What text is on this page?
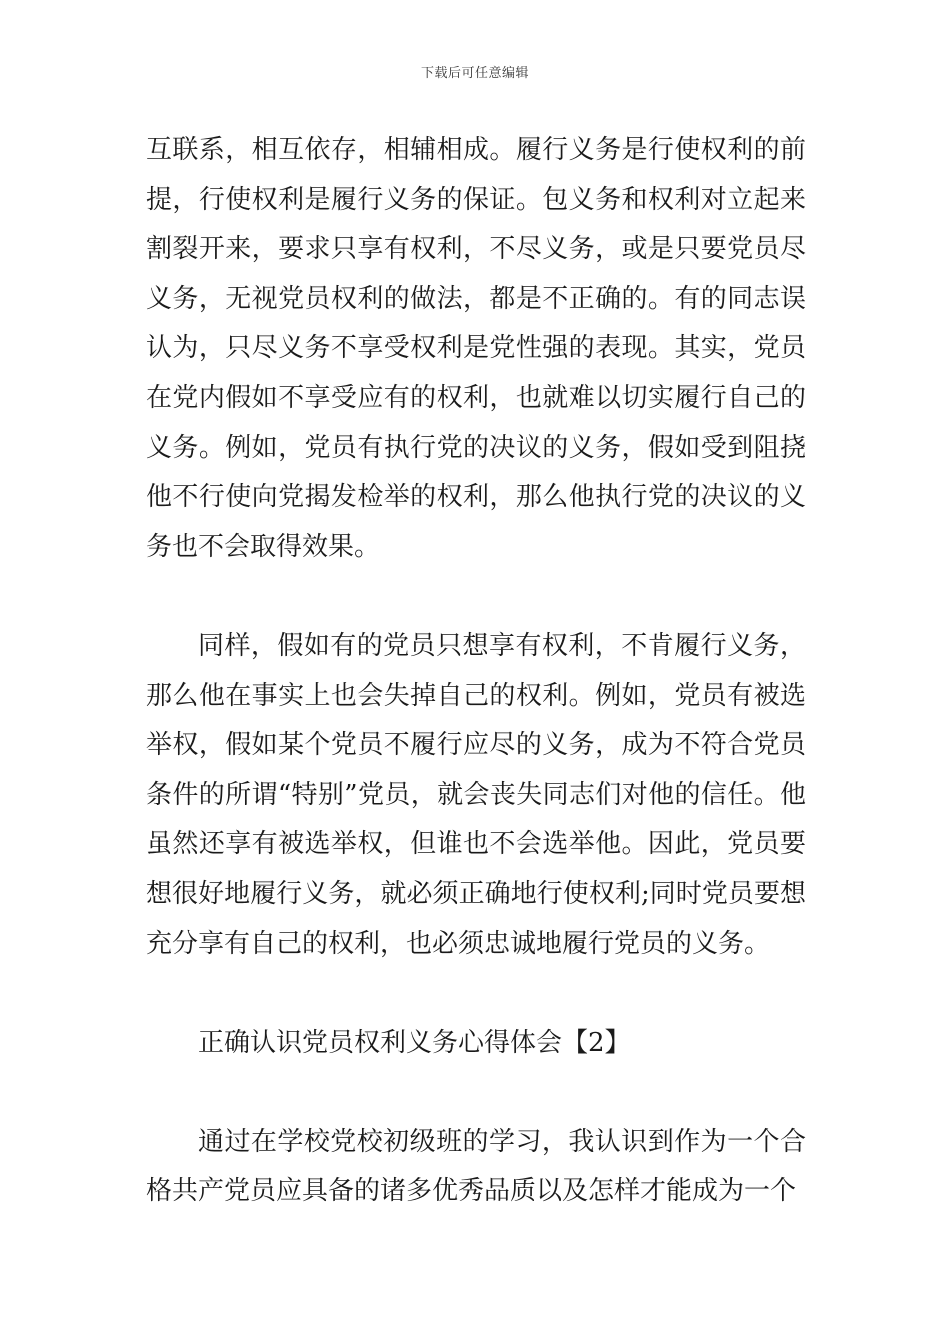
下载后可任意编辑

互联系，相互依存，相辅相成。履行义务是行使权利的前提，行使权利是履行义务的保证。包义务和权利对立起来割裂开来，要求只享有权利，不尽义务，或是只要党员尽义务，无视党员权利的做法，都是不正确的。有的同志误认为，只尽义务不享受权利是党性强的表现。其实，党员在党内假如不享受应有的权利，也就难以切实履行自己的义务。例如，党员有执行党的决议的义务，假如受到阻挠他不行使向党揭发检举的权利，那么他执行党的决议的义务也不会取得效果。

同样，假如有的党员只想享有权利，不肯履行义务，那么他在事实上也会失掉自己的权利。例如，党员有被选举权，假如某个党员不履行应尽的义务，成为不符合党员条件的所谓“特别”党员，就会丧失同志们对他的信任。他虽然还享有被选举权，但谁也不会选举他。因此，党员要想很好地履行义务，就必须正确地行使权利;同时党员要想充分享有自己的权利，也必须忠诚地履行党员的义务。

正确认识党员权利义务心得体会【2】

通过在学校党校初级班的学习，我认识到作为一个合格共产党员应具备的诸多优秀品质以及怎样才能成为一个
